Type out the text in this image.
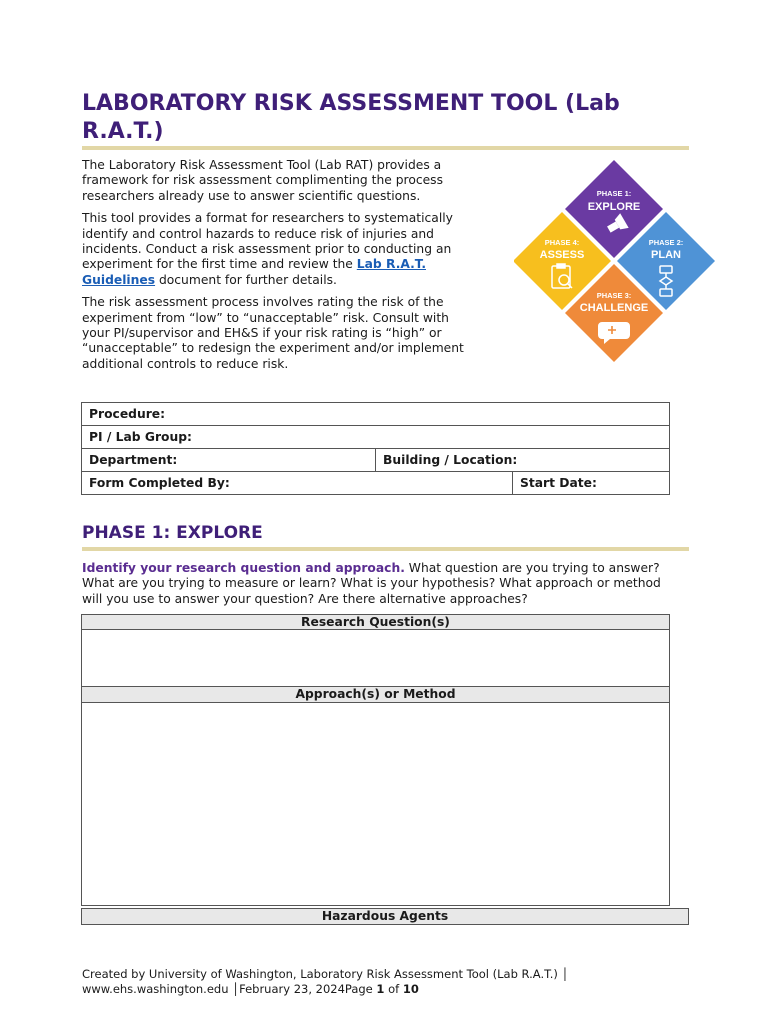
LABORATORY RISK ASSESSMENT TOOL (Lab R.A.T.)

The Laboratory Risk Assessment Tool (Lab RAT) provides a framework for risk assessment complimenting the process researchers already use to answer scientific questions.

This tool provides a format for researchers to systematically identify and control hazards to reduce risk of injuries and incidents. Conduct a risk assessment prior to conducting an experiment for the first time and review the Lab R.A.T. Guidelines document for further details.

The risk assessment process involves rating the risk of the experiment from “low” to “unacceptable” risk. Consult with your PI/supervisor and EH&S if your risk rating is “high” or “unacceptable” to redesign the experiment and/or implement additional controls to reduce risk.

PHASE 1:
EXPLORE
PHASE 2:
PLAN
PHASE 3:
CHALLENGE
PHASE 4:
ASSESS
Procedure:		
PI / Lab Group:		
Department:	Building / Location:	
Form Completed By:		Start Date:
PHASE 1: EXPLORE
Identify your research question and approach. What question are you trying to answer? What are you trying to measure or learn? What is your hypothesis? What approach or method will you use to answer your question? Are there alternative approaches?
Research Question(s)
Approach(s) or Method
Hazardous Agents
Created by University of Washington, Laboratory Risk Assessment Tool (Lab R.A.T.) │
www.ehs.washington.edu │February 23, 2024Page 1 of 10
